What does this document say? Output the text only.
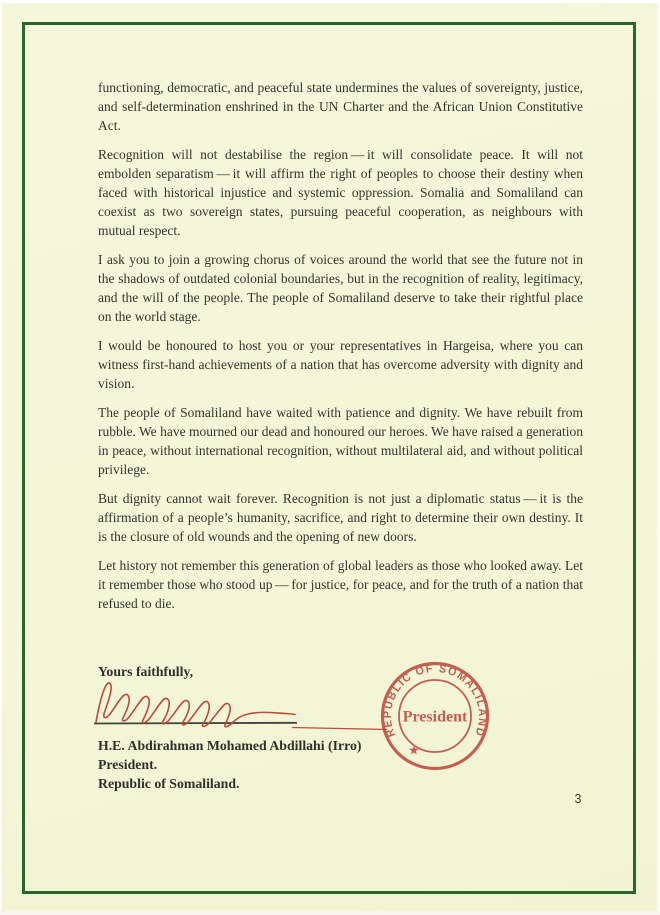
functioning, democratic, and peaceful state undermines the values of sovereignty, justice, and self-determination enshrined in the UN Charter and the African Union Constitutive Act.

Recognition will not destabilise the region — it will consolidate peace. It will not embolden separatism — it will affirm the right of peoples to choose their destiny when faced with historical injustice and systemic oppression. Somalia and Somaliland can coexist as two sovereign states, pursuing peaceful cooperation, as neighbours with mutual respect.

I ask you to join a growing chorus of voices around the world that see the future not in the shadows of outdated colonial boundaries, but in the recognition of reality, legitimacy, and the will of the people. The people of Somaliland deserve to take their rightful place on the world stage.

I would be honoured to host you or your representatives in Hargeisa, where you can witness first-hand achievements of a nation that has overcome adversity with dignity and vision.

The people of Somaliland have waited with patience and dignity. We have rebuilt from rubble. We have mourned our dead and honoured our heroes. We have raised a generation in peace, without international recognition, without multilateral aid, and without political privilege.

But dignity cannot wait forever. Recognition is not just a diplomatic status — it is the affirmation of a people’s humanity, sacrifice, and right to determine their own destiny. It is the closure of old wounds and the opening of new doors.

Let history not remember this generation of global leaders as those who looked away. Let it remember those who stood up — for justice, for peace, and for the truth of a nation that refused to die.

Yours faithfully,
REPUBLIC OF SOMALILAND
President
★
H.E. Abdirahman Mohamed Abdillahi (Irro)
President.
Republic of Somaliland.
3
